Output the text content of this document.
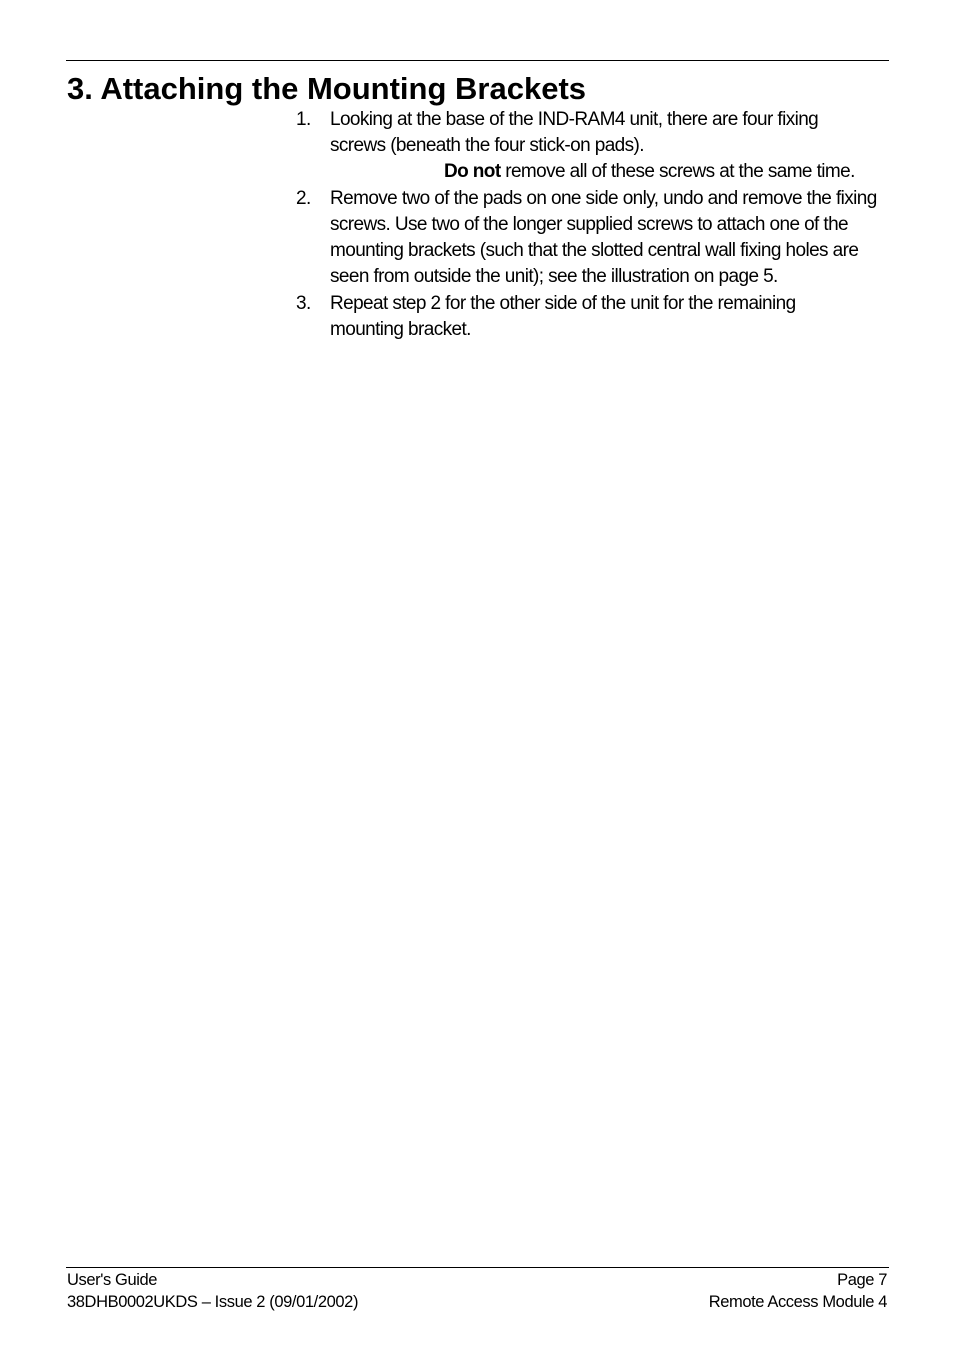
3. Attaching the Mounting Brackets
1. Looking at the base of the IND-RAM4 unit, there are four fixing screws (beneath the four stick-on pads).
Do not remove all of these screws at the same time.
2. Remove two of the pads on one side only, undo and remove the fixing screws. Use two of the longer supplied screws to attach one of the mounting brackets (such that the slotted central wall fixing holes are seen from outside the unit); see the illustration on page 5.
3. Repeat step 2 for the other side of the unit for the remaining mounting bracket.
User's Guide	Page 7
38DHB0002UKDS – Issue 2 (09/01/2002)	Remote Access Module 4
